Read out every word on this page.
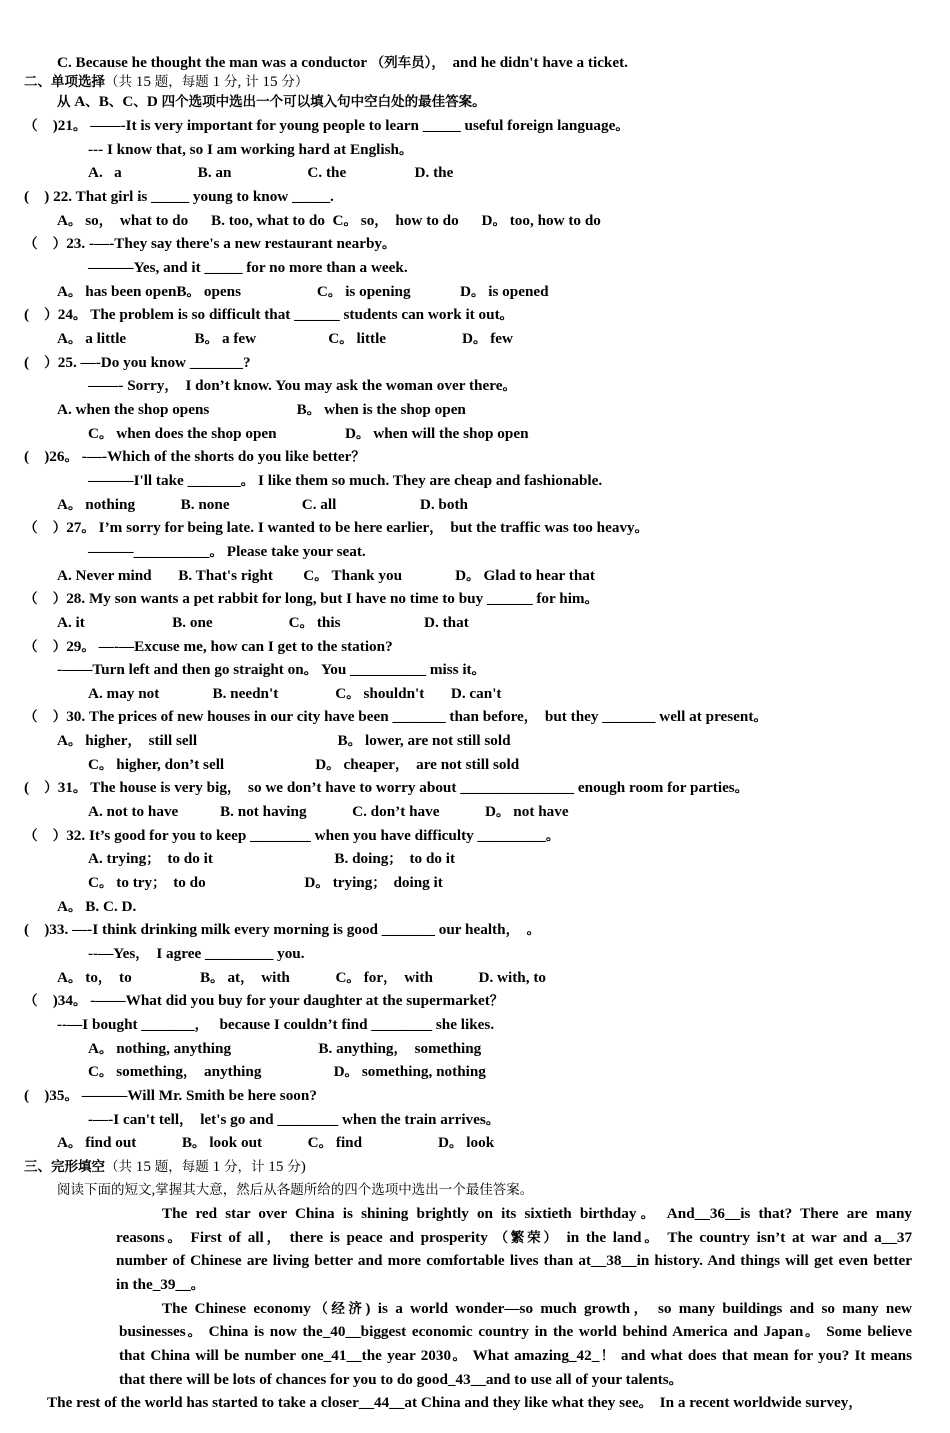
C. Because he thought the man was a conductor （列车员），  and he didn't have a ticket.
二、单项选择（共 15 题，每题 1 分, 计 15 分）
从 A、B、C、D 四个选项中选出一个可以填入句中空白处的最佳答案。
（    )21。 ——-It is very important for young people to learn _____ useful foreign language。
--- I know that, so I am working hard at English。
A.   a                    B. an                    C. the                  D. the
(    ) 22. That girl is _____ young to know _____.
A。 so，  what to do      B. too, what to do  C。 so，  how to do      D。 too, how to do
（ ）23. -—-They say there's a new restaurant nearby。
———Yes, and it _____ for no more than a week.
A。 has been openB。 opens                    C。 is opening             D。 is opened
(    ）24。 The problem is so difficult that ______ students can work it out。
A。 a little                  B。 a few                   C。 little                    D。 few
(    ）25. —-Do you know _______?
——- Sorry，  I don’t know. You may ask the woman over there。
A. when the shop opens                       B。 when is the shop open
C。 when does the shop open                  D。 when will the shop open
(    )26。 -—-Which of the shorts do you like better？
———I'll take _______。 I like them so much. They are cheap and fashionable.
A。 nothing            B. none                   C. all                      D. both
（ ）27。 I’m sorry for being late. I wanted to be here earlier，  but the traffic was too heavy。
———__________。 Please take your seat.
A. Never mind       B. That's right        C。 Thank you              D。 Glad to hear that
（ ）28. My son wants a pet rabbit for long, but I have no time to buy ______ for him。
A. it                       B. one                    C。 this                      D. that
（ ）29。 —-—Excuse me, how can I get to the station?
-——Turn left and then go straight on。 You __________ miss it。
A. may not              B. needn't               C。 shouldn't       D. can't
（ ）30. The prices of new houses in our city have been _______ than before，  but they _______ well at present。
A。 higher，  still sell                                     B。 lower, are not still sold
C。 higher, don’t sell                        D。 cheaper，  are not still sold
(    ）31。 The house is very big，  so we don’t have to worry about _______________ enough room for parties。
A. not to have           B. not having            C. don’t have            D。 not have
（ ）32. It’s good for you to keep ________ when you have difficulty _________。
A. trying；  to do it                                B. doing；  to do it
C。 to try；  to do                          D。 trying；  doing it
A。 B. C. D.
(    )33. —-I think drinking milk every morning is good _______ our health， 。
--—Yes，  I agree _________ you.
A。 to，  to                  B。 at，  with            C。 for，  with            D. with, to
（    )34。 -——What did you buy for your daughter at the supermarket？
--—I bought _______，   because I couldn’t find ________ she likes.
A。 nothing, anything                       B. anything，  something
C。 something，  anything                   D。 something, nothing
(    )35。 ———Will Mr. Smith be here soon?
-—-I can't tell，  let's go and ________ when the train arrives。
A。 find out            B。 look out            C。 find                    D。 look
三、完形填空（共 15 题，每题 1 分，计 15 分)
阅读下面的短文,掌握其大意，然后从各题所给的四个选项中选出一个最佳答案。
The red star over China is shining brightly on its sixtieth birthday。 And__36__is that? There are many
reasons。 First of all， there is peace and prosperity （繁荣） in the land。 The country isn’t at war and a__37
number of Chinese are living better and more comfortable lives than at__38__in history. And things will get even better
in the_39__。
The Chinese economy（经济) is a world wonder—so much growth， so many buildings and so many new
businesses。 China is now the_40__biggest economic country in the world behind America and Japan。 Some believe
that China will be number one_41__the year 2030。 What amazing_42_！ and what does that mean for you? It means
that there will be lots of chances for you to do good_43__and to use all of your talents。
The rest of the world has started to take a closer__44__at China and they like what they see。  In a recent worldwide survey，
